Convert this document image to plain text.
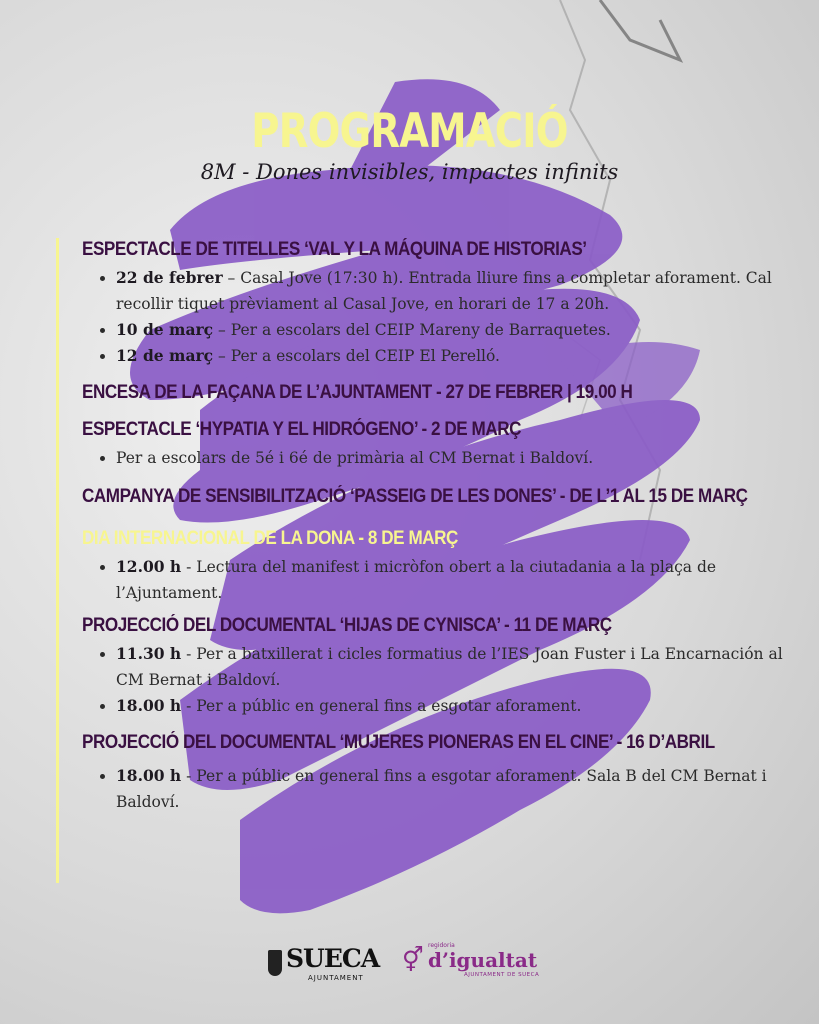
PROGRAMACIÓ
8M - Dones invisibles, impactes infinits
ESPECTACLE DE TITELLES ‘VAL Y LA MÁQUINA DE HISTORIAS’
• 22 de febrer – Casal Jove (17:30 h). Entrada lliure fins a completar aforament. Cal recollir tiquet prèviament al Casal Jove, en horari de 17 a 20h.
• 10 de març – Per a escolars del CEIP Mareny de Barraquetes.
• 12 de març – Per a escolars del CEIP El Perelló.
ENCESA DE LA FAÇANA DE L’AJUNTAMENT - 27 DE FEBRER | 19.00 H
ESPECTACLE ‘HYPATIA Y EL HIDRÓGENO’ - 2 DE MARÇ
• Per a escolars de 5é i 6é de primària al CM Bernat i Baldoví.
CAMPANYA DE SENSIBILITZACIÓ ‘PASSEIG DE LES DONES’ - DE L’1 AL 15 DE MARÇ
DIA INTERNACIONAL DE LA DONA - 8 DE MARÇ
• 12.00 h - Lectura del manifest i micròfon obert a la ciutadania a la plaça de l’Ajuntament.
PROJECCIÓ DEL DOCUMENTAL ‘HIJAS DE CYNISCA’ - 11 DE MARÇ
• 11.30 h - Per a batxillerat i cicles formatius de l’IES Joan Fuster i La Encarnación al CM Bernat i Baldoví.
• 18.00 h - Per a públic en general fins a esgotar aforament.
PROJECCIÓ DEL DOCUMENTAL ‘MUJERES PIONERAS EN EL CINE’ - 16 D’ABRIL
• 18.00 h - Per a públic en general fins a esgotar aforament. Sala B del CM Bernat i Baldoví.
SUECA
AJUNTAMENT
⚥
regidoria
d’igualtat
AJUNTAMENT DE SUECA
